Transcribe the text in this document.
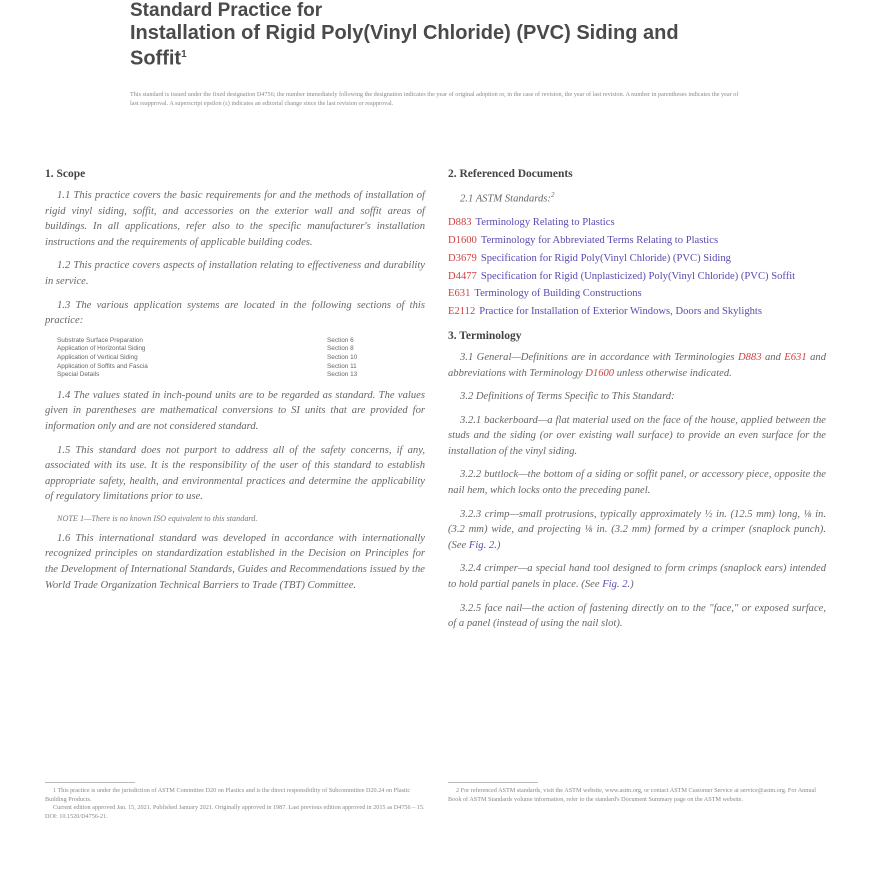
Standard Practice for

Installation of Rigid Poly(Vinyl Chloride) (PVC) Siding and

Soffit$^1$

This standard is issued under the fixed designation D4756; the number immediately following the designation indicates the year of original adoption or, in the case of revision, the year of last revision. A number in parentheses indicates the year of last reapproval. A superscript epsilon (ε) indicates an editorial change since the last revision or reapproval.
1. Scope

1.1 This practice covers the basic requirements for and the methods of installation of rigid vinyl siding, soffit, and accessories on the exterior wall and soffit areas of buildings. In all applications, refer also to the specific manufacturer's installation instructions and the requirements of applicable building codes.

1.2 This practice covers aspects of installation relating to effectiveness and durability in service.

1.3 The various application systems are located in the following sections of this practice:

Substrate Surface Preparation	Section 6
Application of Horizontal Siding	Section 8
Application of Vertical Siding	Section 10
Application of Soffits and Fascia	Section 11
Special Details	Section 13

1.4 The values stated in inch-pound units are to be regarded as standard. The values given in parentheses are mathematical conversions to SI units that are provided for information only and are not considered standard.

1.5 This standard does not purport to address all of the safety concerns, if any, associated with its use. It is the responsibility of the user of this standard to establish appropriate safety, health, and environmental practices and determine the applicability of regulatory limitations prior to use.

NOTE 1—There is no known ISO equivalent to this standard.

1.6 This international standard was developed in accordance with internationally recognized principles on standardization established in the Decision on Principles for the Development of International Standards, Guides and Recommendations issued by the World Trade Organization Technical Barriers to Trade (TBT) Committee.

2. Referenced Documents

2.1 ASTM Standards:$^2$

D883 Terminology Relating to Plastics
D1600 Terminology for Abbreviated Terms Relating to Plastics
D3679 Specification for Rigid Poly(Vinyl Chloride) (PVC) Siding
D4477 Specification for Rigid (Unplasticized) Poly(Vinyl Chloride) (PVC) Soffit
E631 Terminology of Building Constructions
E2112 Practice for Installation of Exterior Windows, Doors and Skylights
3. Terminology

3.1 General—Definitions are in accordance with Terminologies D883 and E631 and abbreviations with Terminology D1600 unless otherwise indicated.

3.2 Definitions of Terms Specific to This Standard:

3.2.1 backerboard—a flat material used on the face of the house, applied between the studs and the siding (or over existing wall surface) to provide an even surface for the installation of the vinyl siding.

3.2.2 buttlock—the bottom of a siding or soffit panel, or accessory piece, opposite the nail hem, which locks onto the preceding panel.

3.2.3 crimp—small protrusions, typically approximately ½ in. (12.5 mm) long, ⅛ in. (3.2 mm) wide, and projecting ⅛ in. (3.2 mm) formed by a crimper (snaplock punch). (See Fig. 2.)

3.2.4 crimper—a special hand tool designed to form crimps (snaplock ears) intended to hold partial panels in place. (See Fig. 2.)

3.2.5 face nail—the action of fastening directly on to the "face," or exposed surface, of a panel (instead of using the nail slot).

1 This practice is under the jurisdiction of ASTM Committee D20 on Plastics and is the direct responsibility of Subcommittee D20.24 on Plastic Building Products.

Current edition approved Jan. 15, 2021. Published January 2021. Originally approved in 1987. Last previous edition approved in 2015 as D4756 – 15. DOI: 10.1520/D4756-21.

2 For referenced ASTM standards, visit the ASTM website, www.astm.org, or contact ASTM Customer Service at service@astm.org. For Annual Book of ASTM Standards volume information, refer to the standard's Document Summary page on the ASTM website.
